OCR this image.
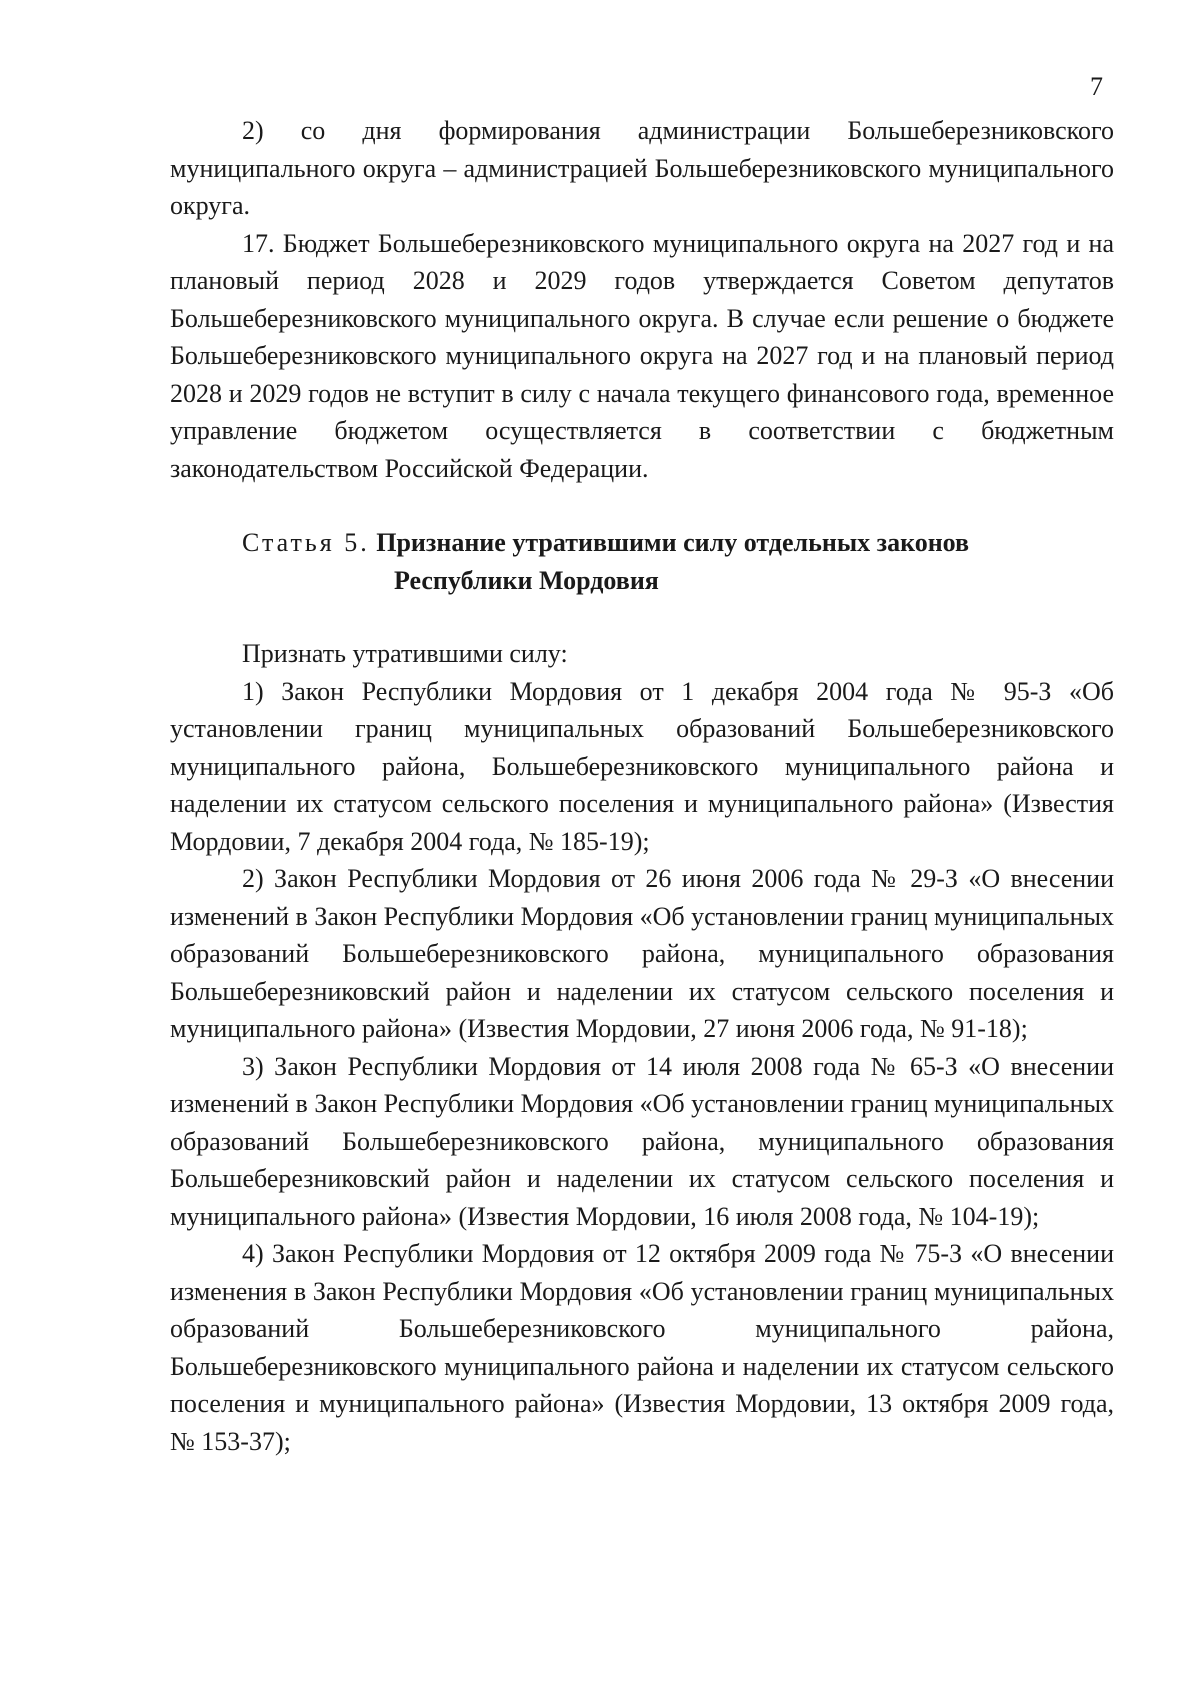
7

2) со дня формирования администрации Большеберезниковского муниципального округа – администрацией Большеберезниковского муниципального округа.

17. Бюджет Большеберезниковского муниципального округа на 2027 год и на плановый период 2028 и 2029 годов утверждается Советом депутатов Большеберезниковского муниципального округа. В случае если решение о бюджете Большеберезниковского муниципального округа на 2027 год и на плановый период 2028 и 2029 годов не вступит в силу с начала текущего финансового года, временное управление бюджетом осуществляется в соответствии с бюджетным законодательством Российской Федерации.

Статья 5. Признание утратившими силу отдельных законов
Республики Мордовия

Признать утратившими силу:

1) Закон Республики Мордовия от 1 декабря 2004 года № 95-З «Об установлении границ муниципальных образований Большеберезниковского муниципального района, Большеберезниковского муниципального района и наделении их статусом сельского поселения и муниципального района» (Известия Мордовии, 7 декабря 2004 года, № 185-19);

2) Закон Республики Мордовия от 26 июня 2006 года № 29-З «О внесении изменений в Закон Республики Мордовия «Об установлении границ муниципальных образований Большеберезниковского района, муниципального образования Большеберезниковский район и наделении их статусом сельского поселения и муниципального района» (Известия Мордовии, 27 июня 2006 года, № 91-18);

3) Закон Республики Мордовия от 14 июля 2008 года № 65-З «О внесении изменений в Закон Республики Мордовия «Об установлении границ муниципальных образований Большеберезниковского района, муниципального образования Большеберезниковский район и наделении их статусом сельского поселения и муниципального района» (Известия Мордовии, 16 июля 2008 года, № 104-19);

4) Закон Республики Мордовия от 12 октября 2009 года № 75-З «О внесении изменения в Закон Республики Мордовия «Об установлении границ муниципальных образований Большеберезниковского муниципального района, Большеберезниковского муниципального района и наделении их статусом сельского поселения и муниципального района» (Известия Мордовии, 13 октября 2009 года, № 153-37);
